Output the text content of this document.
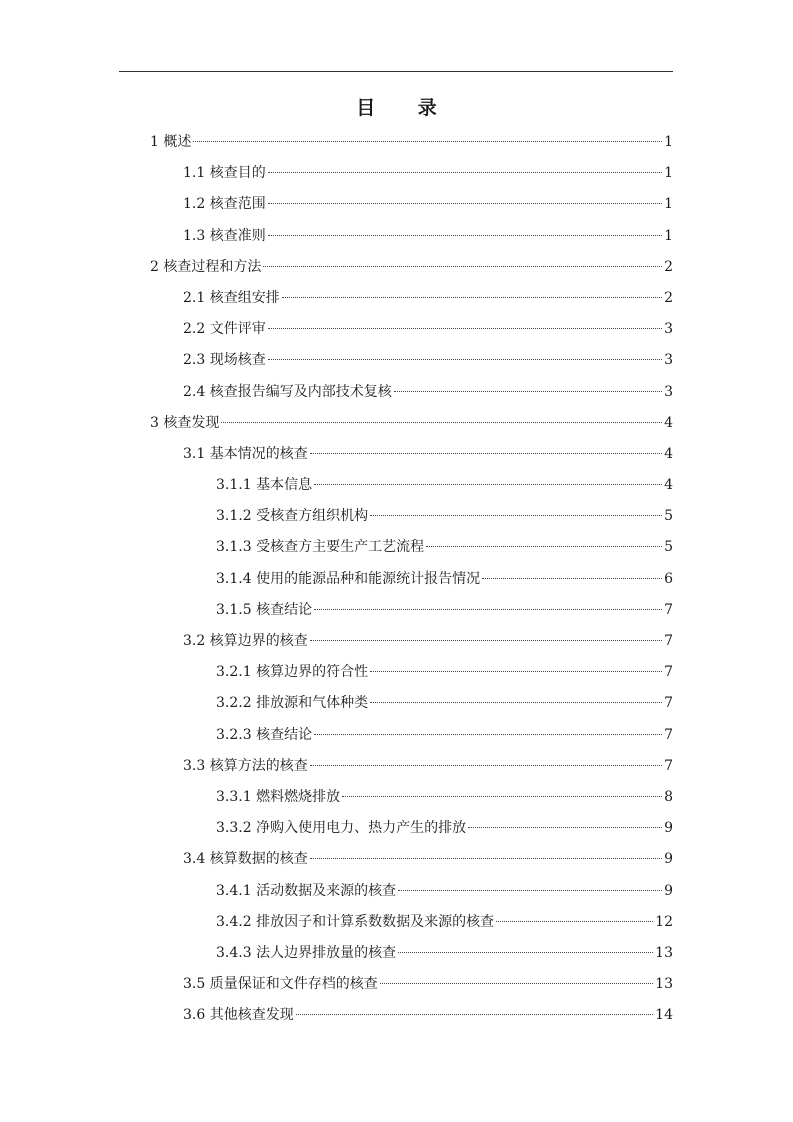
目 录
1 概述	1
1.1 核查目的	1
1.2 核查范围	1
1.3 核查准则	1
2 核查过程和方法	2
2.1 核查组安排	2
2.2 文件评审	3
2.3 现场核查	3
2.4 核查报告编写及内部技术复核	3
3 核查发现	4
3.1 基本情况的核查	4
3.1.1 基本信息	4
3.1.2 受核查方组织机构	5
3.1.3 受核查方主要生产工艺流程	5
3.1.4 使用的能源品种和能源统计报告情况	6
3.1.5 核查结论	7
3.2 核算边界的核查	7
3.2.1 核算边界的符合性	7
3.2.2 排放源和气体种类	7
3.2.3 核查结论	7
3.3 核算方法的核查	7
3.3.1 燃料燃烧排放	8
3.3.2 净购入使用电力、热力产生的排放	9
3.4 核算数据的核查	9
3.4.1 活动数据及来源的核查	9
3.4.2 排放因子和计算系数数据及来源的核查	12
3.4.3 法人边界排放量的核查	13
3.5 质量保证和文件存档的核查	13
3.6 其他核查发现	14
